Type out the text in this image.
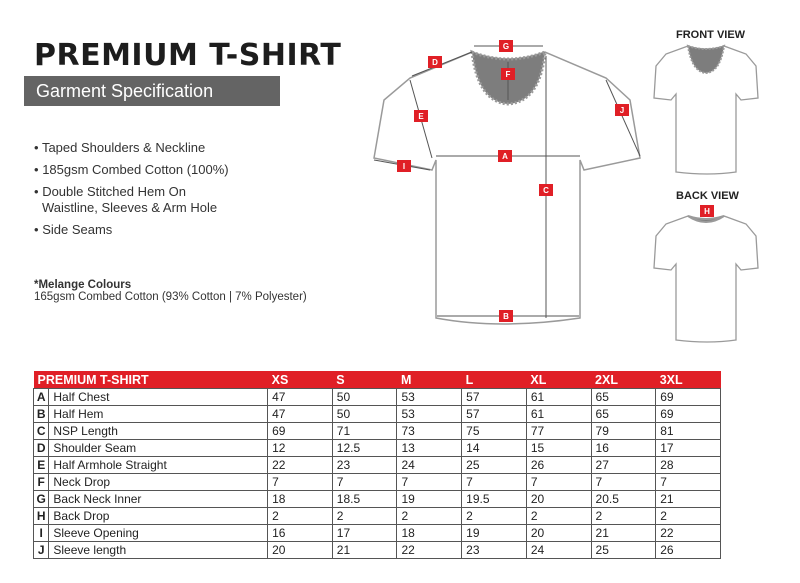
PREMIUM T-SHIRT
Garment Specification
• Taped Shoulders & Neckline
• 185gsm Combed Cotton (100%)
• Double Stitched Hem On
Waistline, Sleeves & Arm Hole
• Side Seams
*Melange Colours
165gsm Combed Cotton (93% Cotton | 7% Polyester)
A
B
C
D
E
F
G
I
J
H
FRONT VIEW
BACK VIEW
PREMIUM T-SHIRT		XS	S	M	L	XL	2XL	3XL
A	Half Chest	47	50	53	57	61	65	69
B	Half Hem	47	50	53	57	61	65	69
C	NSP Length	69	71	73	75	77	79	81
D	Shoulder Seam	12	12.5	13	14	15	16	17
E	Half Armhole Straight	22	23	24	25	26	27	28
F	Neck Drop	7	7	7	7	7	7	7
G	Back Neck Inner	18	18.5	19	19.5	20	20.5	21
H	Back Drop	2	2	2	2	2	2	2
I	Sleeve Opening	16	17	18	19	20	21	22
J	Sleeve length	20	21	22	23	24	25	26
